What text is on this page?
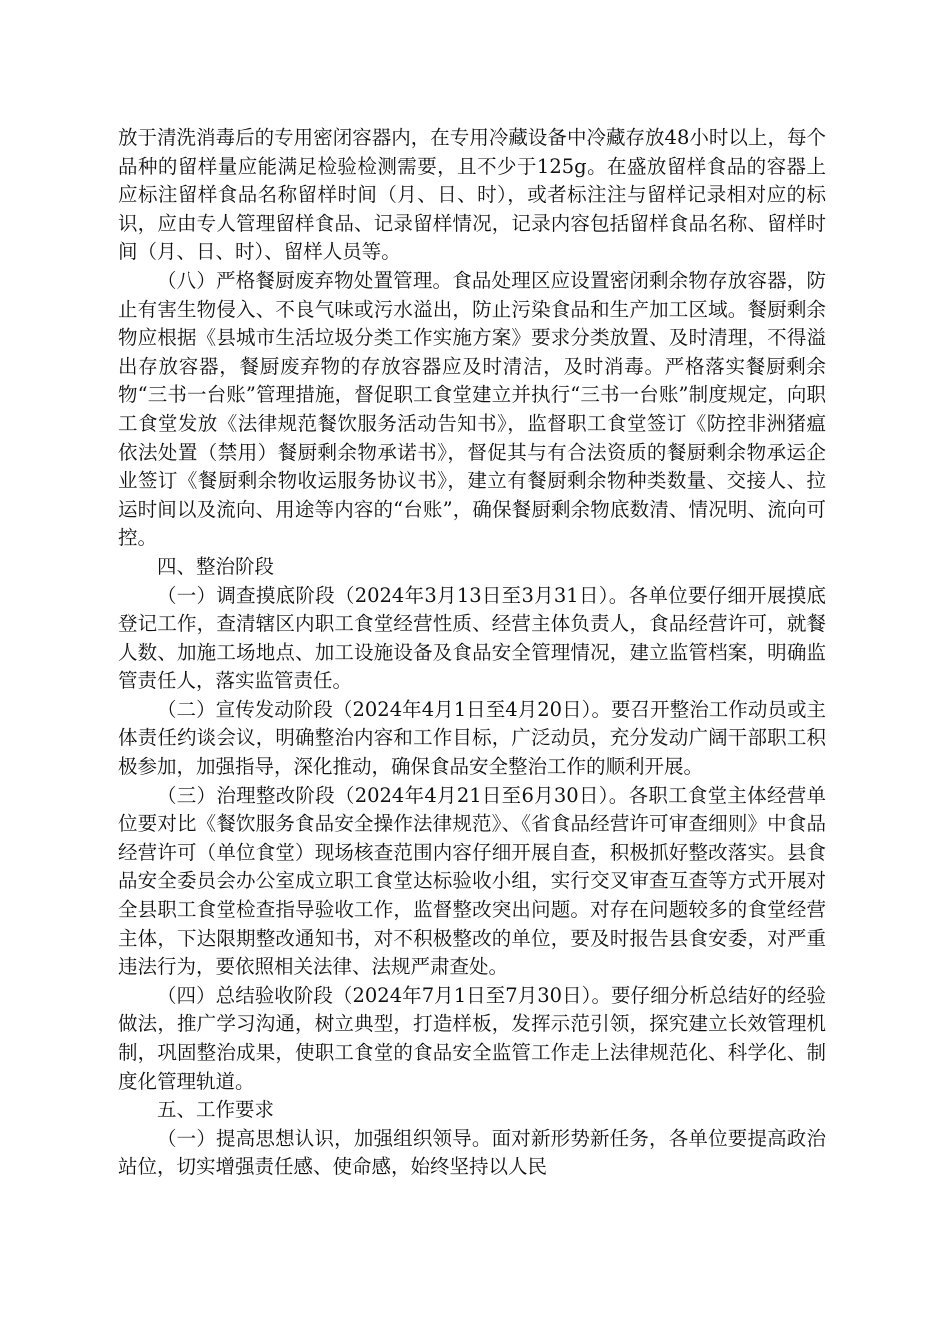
放于清洗消毒后的专用密闭容器内，在专用冷藏设备中冷藏存放48小时以上，每个品种的留样量应能满足检验检测需要，且不少于125g。在盛放留样食品的容器上应标注留样食品名称留样时间（月、日、时），或者标注注与留样记录相对应的标识，应由专人管理留样食品、记录留样情况，记录内容包括留样食品名称、留样时间（月、日、时）、留样人员等。

（八）严格餐厨废弃物处置管理。食品处理区应设置密闭剩余物存放容器，防止有害生物侵入、不良气味或污水溢出，防止污染食品和生产加工区域。餐厨剩余物应根据《县城市生活垃圾分类工作实施方案》要求分类放置、及时清理，不得溢出存放容器，餐厨废弃物的存放容器应及时清洁，及时消毒。严格落实餐厨剩余物“三书一台账”管理措施，督促职工食堂建立并执行“三书一台账”制度规定，向职工食堂发放《法律规范餐饮服务活动告知书》，监督职工食堂签订《防控非洲猪瘟依法处置（禁用）餐厨剩余物承诺书》，督促其与有合法资质的餐厨剩余物承运企业签订《餐厨剩余物收运服务协议书》，建立有餐厨剩余物种类数量、交接人、拉运时间以及流向、用途等内容的“台账”，确保餐厨剩余物底数清、情况明、流向可控。

四、整治阶段

（一）调查摸底阶段（2024年3月13日至3月31日）。各单位要仔细开展摸底登记工作，查清辖区内职工食堂经营性质、经营主体负责人，食品经营许可，就餐人数、加施工场地点、加工设施设备及食品安全管理情况，建立监管档案，明确监管责任人，落实监管责任。

（二）宣传发动阶段（2024年4月1日至4月20日）。要召开整治工作动员或主体责任约谈会议，明确整治内容和工作目标，广泛动员，充分发动广阔干部职工积极参加，加强指导，深化推动，确保食品安全整治工作的顺利开展。

（三）治理整改阶段（2024年4月21日至6月30日）。各职工食堂主体经营单位要对比《餐饮服务食品安全操作法律规范》、《省食品经营许可审查细则》中食品经营许可（单位食堂）现场核查范围内容仔细开展自查，积极抓好整改落实。县食品安全委员会办公室成立职工食堂达标验收小组，实行交叉审查互查等方式开展对全县职工食堂检查指导验收工作，监督整改突出问题。对存在问题较多的食堂经营主体，下达限期整改通知书，对不积极整改的单位，要及时报告县食安委，对严重违法行为，要依照相关法律、法规严肃查处。

（四）总结验收阶段（2024年7月1日至7月30日）。要仔细分析总结好的经验做法，推广学习沟通，树立典型，打造样板，发挥示范引领，探究建立长效管理机制，巩固整治成果，使职工食堂的食品安全监管工作走上法律规范化、科学化、制度化管理轨道。

五、工作要求

（一）提高思想认识，加强组织领导。面对新形势新任务，各单位要提高政治站位，切实增强责任感、使命感，始终坚持以人民
